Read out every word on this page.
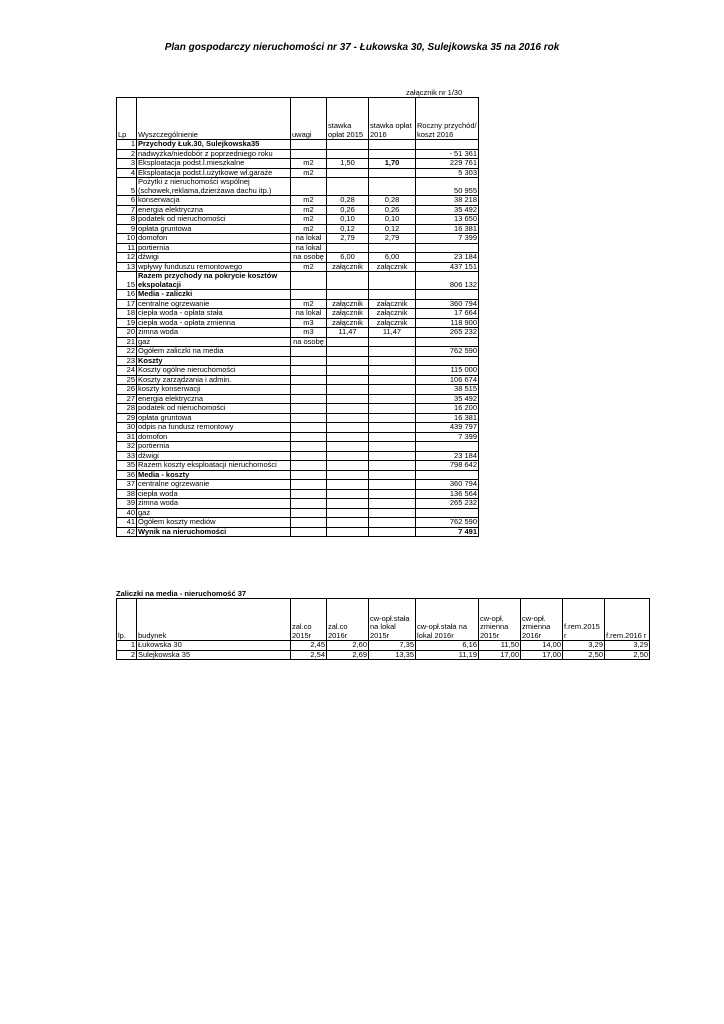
Plan gospodarczy nieruchomości nr 37 - Łukowska 30, Sulejkowska 35 na 2016 rok
załącznik nr 1/30
Lp	Wyszczególnienie	uwagi	stawka opłat 2015	stawka opłat 2016	Roczny przychód/ koszt 2016
1	Przychody Łuk.30, Sulejkowska35				
2	nadwyżka/niedobór z poprzedniego roku				- 51 361
3	Eksploatacja podst.l.mieszkalne	m2	1,50	1,70	229 761
4	Eksploatacja podst.l.użytkowe wł.garaże	m2			5 303
5	Pożytki z nieruchomości wspólnej (schowek,reklama,dzierżawa dachu itp.)				50 955
6	konserwacja	m2	0,28	0,28	38 218
7	energia elektryczna	m2	0,26	0,26	35 492
8	podatek od nieruchomości	m2	0,10	0,10	13 650
9	opłata gruntowa	m2	0,12	0,12	16 381
10	domofon	na lokal	2,79	2,79	7 399
11	portiernia	na lokal			
12	dźwigi	na osobę	6,00	6,00	23 184
13	wpływy funduszu remontowego	m2	załącznik	załącznik	437 151
15	Razem przychody na pokrycie kosztów ekspolatacji				806 132
16	Media - zaliczki				
17	centralne ogrzewanie	m2	załącznik	załącznik	360 794
18	ciepła woda - opłata stała	na lokal	załącznik	załącznik	17 664
19	ciepła woda - opłata zmienna	m3	załącznik	załącznik	118 900
20	zimna woda	m3	11,47	11,47	265 232
21	gaz	na osobę			
22	Ogółem zaliczki na media				762 590
23	Koszty				
24	Koszty ogólne nieruchomości				115 000
25	Koszty zarządzania i admin.				106 674
26	koszty konserwacji				38 515
27	energia elektryczna				35 492
28	podatek od nieruchomości				16 200
29	opłata gruntowa				16 381
30	odpis na fundusz remontowy				439 797
31	domofon				7 399
32	portiernia				
33	dźwigi				23 184
35	Razem koszty eksploatacji nieruchomości				798 642
36	Media - koszty				
37	centralne ogrzewanie				360 794
38	ciepła woda				136 564
39	zimna woda				265 232
40	gaz				
41	Ogółem koszty mediów				762 590
42	Wynik na nieruchomości				7 491
Zaliczki na media - nieruchomość 37
lp.	budynek	zal.co 2015r	zal.co 2016r	cw-opł.stała na lokal 2015r	cw-opł.stała na lokal 2016r	cw-opł. zmienna 2015r	cw-opł. zmienna 2016r	f.rem.2015 r	f.rem.2016 r
1	Łukowska 30	2,45	2,60	7,35	6,16	11,50	14,00	3,29	3,29
2	Sulejkowska 35	2,54	2,69	13,35	11,19	17,00	17,00	2,50	2,50
